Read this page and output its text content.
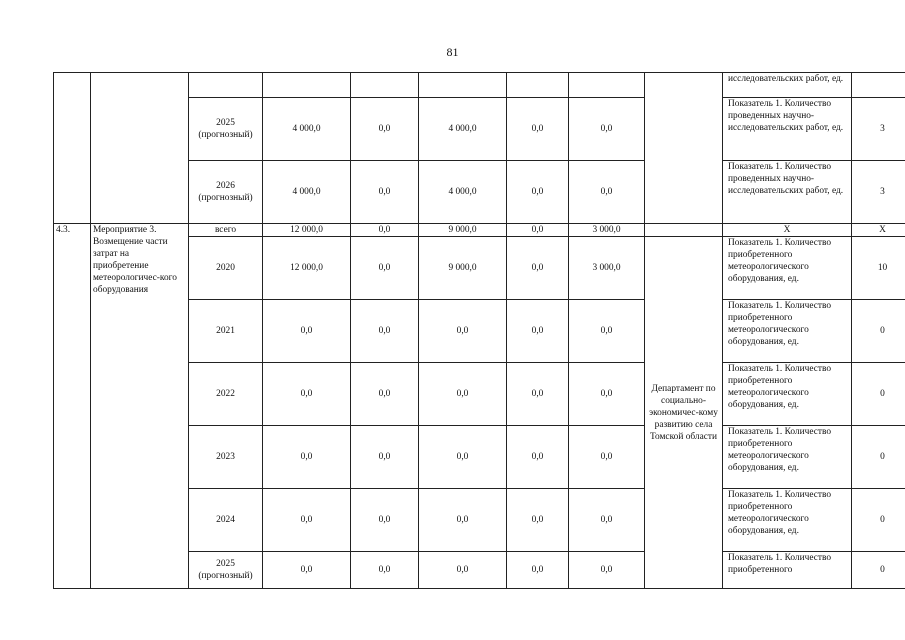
81
									исследовательских работ, ед.	
		2025 (прогнозный)	4 000,0	0,0	4 000,0	0,0	0,0		Показатель 1. Количество проведенных научно-исследовательских работ, ед.	3
		2026 (прогнозный)	4 000,0	0,0	4 000,0	0,0	0,0		Показатель 1. Количество проведенных научно-исследовательских работ, ед.	3
4.3.	Мероприятие 3. Возмещение части затрат на приобретение метеорологичес-кого оборудования	всего	12 000,0	0,0	9 000,0	0,0	3 000,0		X	X
		2020	12 000,0	0,0	9 000,0	0,0	3 000,0	Департамент по социально-экономичес-кому развитию села Томской области	Показатель 1. Количество приобретенного метеорологического оборудования, ед.	10
		2021	0,0	0,0	0,0	0,0	0,0		Показатель 1. Количество приобретенного метеорологического оборудования, ед.	0
		2022	0,0	0,0	0,0	0,0	0,0		Показатель 1. Количество приобретенного метеорологического оборудования, ед.	0
		2023	0,0	0,0	0,0	0,0	0,0		Показатель 1. Количество приобретенного метеорологического оборудования, ед.	0
		2024	0,0	0,0	0,0	0,0	0,0		Показатель 1. Количество приобретенного метеорологического оборудования, ед.	0
		2025 (прогнозный)	0,0	0,0	0,0	0,0	0,0		Показатель 1. Количество приобретенного	0
